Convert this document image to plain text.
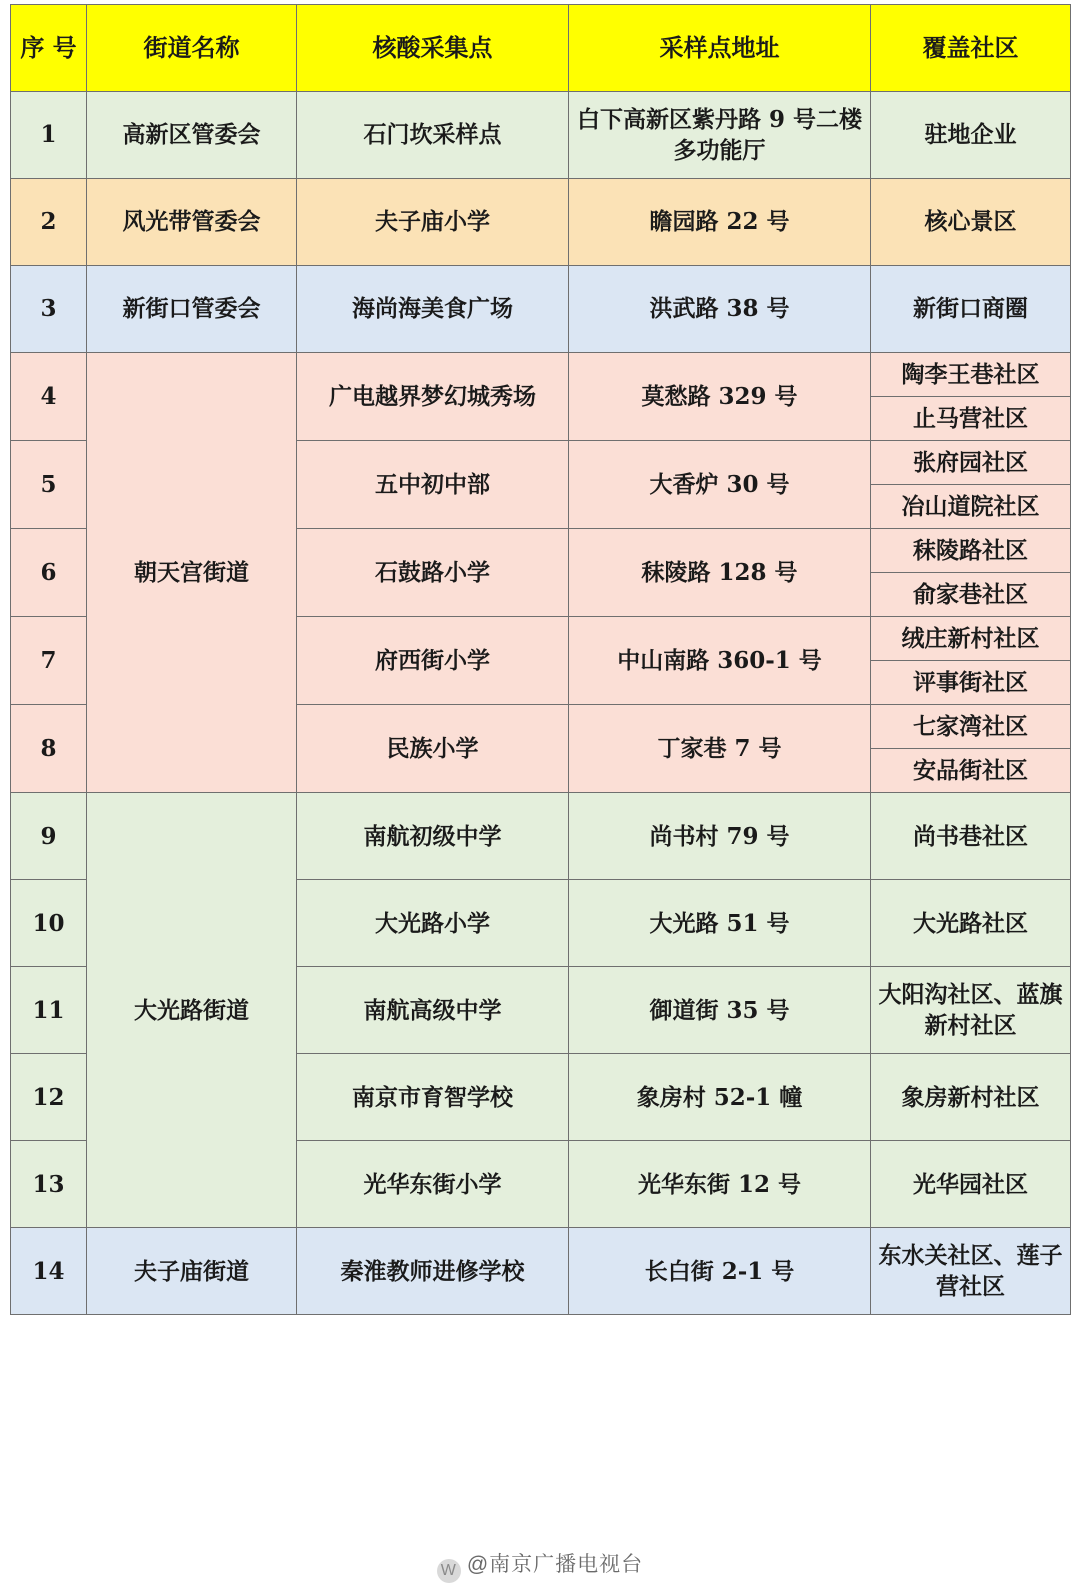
序 号	街道名称	核酸采集点	采样点地址	覆盖社区
1	高新区管委会	石门坎采样点	白下高新区紫丹路 9 号二楼多功能厅	驻地企业
2	风光带管委会	夫子庙小学	瞻园路 22 号	核心景区
3	新街口管委会	海尚海美食广场	洪武路 38 号	新街口商圈
4	朝天宫街道	广电越界梦幻城秀场	莫愁路 329 号	陶李王巷社区
				止马营社区
5		五中初中部	大香炉 30 号	张府园社区
				冶山道院社区
6		石鼓路小学	秣陵路 128 号	秣陵路社区
				俞家巷社区
7		府西街小学	中山南路 360-1 号	绒庄新村社区
				评事街社区
8		民族小学	丁家巷 7 号	七家湾社区
				安品街社区
9	大光路街道	南航初级中学	尚书村 79 号	尚书巷社区
10		大光路小学	大光路 51 号	大光路社区
11		南航高级中学	御道街 35 号	大阳沟社区、蓝旗新村社区
12		南京市育智学校	象房村 52-1 幢	象房新村社区
13		光华东街小学	光华东街 12 号	光华园社区
14	夫子庙街道	秦淮教师进修学校	长白街 2-1 号	东水关社区、莲子营社区
W @南京广播电视台
